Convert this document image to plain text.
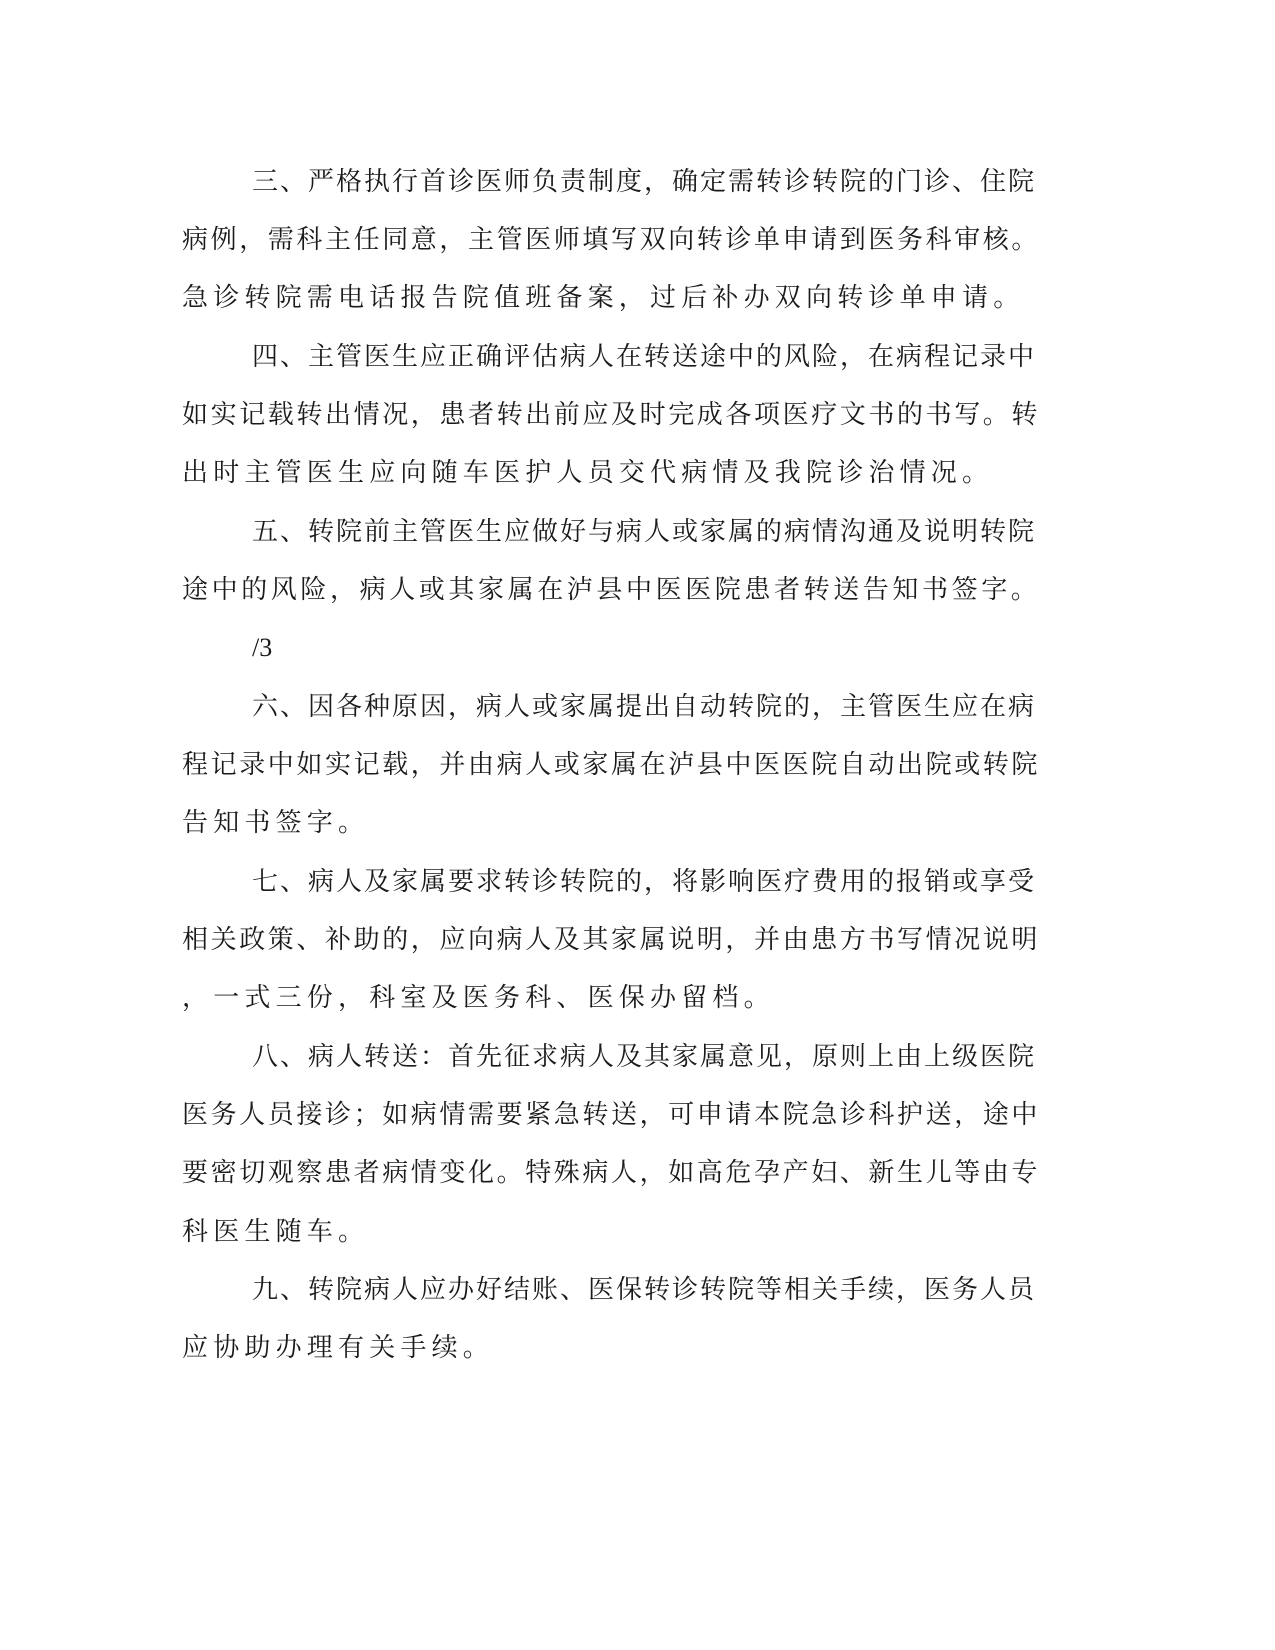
三、严格执行首诊医师负责制度，确定需转诊转院的门诊、住院
病例，需科主任同意，主管医师填写双向转诊单申请到医务科审核。
急诊转院需电话报告院值班备案，过后补办双向转诊单申请。
四、主管医生应正确评估病人在转送途中的风险，在病程记录中
如实记载转出情况，患者转出前应及时完成各项医疗文书的书写。转
出时主管医生应向随车医护人员交代病情及我院诊治情况。
五、转院前主管医生应做好与病人或家属的病情沟通及说明转院
途中的风险，病人或其家属在泸县中医医院患者转送告知书签字。
/3
六、因各种原因，病人或家属提出自动转院的，主管医生应在病
程记录中如实记载，并由病人或家属在泸县中医医院自动出院或转院
告知书签字。
七、病人及家属要求转诊转院的，将影响医疗费用的报销或享受
相关政策、补助的，应向病人及其家属说明，并由患方书写情况说明
，一式三份，科室及医务科、医保办留档。
八、病人转送：首先征求病人及其家属意见，原则上由上级医院
医务人员接诊；如病情需要紧急转送，可申请本院急诊科护送，途中
要密切观察患者病情变化。特殊病人，如高危孕产妇、新生儿等由专
科医生随车。
九、转院病人应办好结账、医保转诊转院等相关手续，医务人员
应协助办理有关手续。
